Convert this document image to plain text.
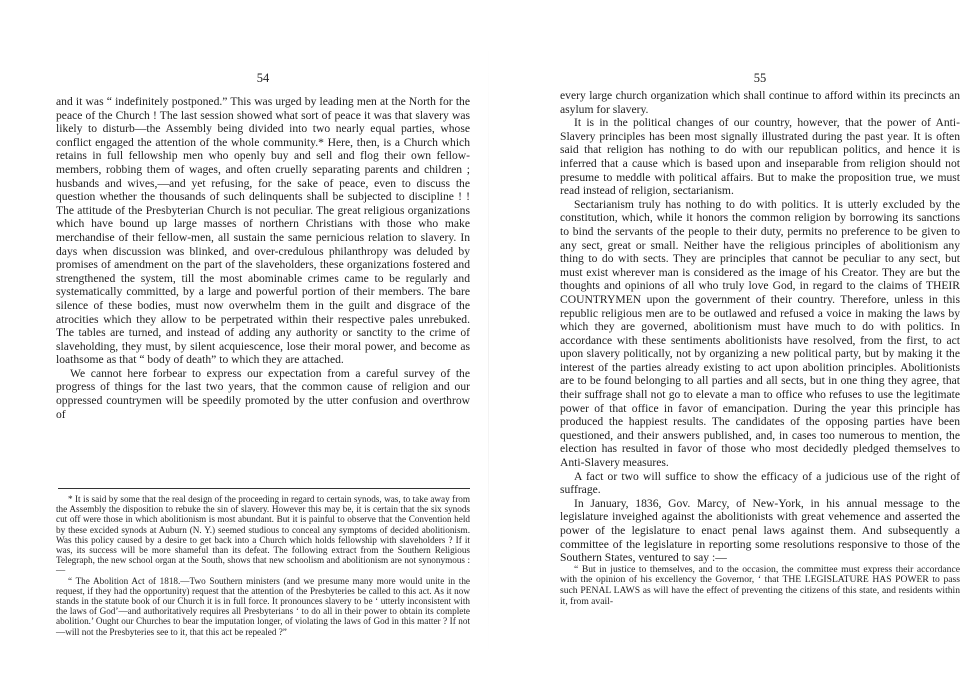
54

and it was “ indefinitely postponed.” This was urged by leading men at the North for the peace of the Church ! The last session showed what sort of peace it was that slavery was likely to disturb—the Assembly being divided into two nearly equal parties, whose conflict engaged the attention of the whole community.* Here, then, is a Church which retains in full fellowship men who openly buy and sell and flog their own fellow-members, robbing them of wages, and often cruelly separating parents and children ; husbands and wives,—and yet refusing, for the sake of peace, even to discuss the question whether the thousands of such delinquents shall be subjected to discipline ! ! The attitude of the Presbyterian Church is not peculiar. The great religious organizations which have bound up large masses of northern Christians with those who make merchandise of their fellow-men, all sustain the same pernicious relation to slavery. In days when discussion was blinked, and over-credulous philanthropy was deluded by promises of amendment on the part of the slaveholders, these organizations fostered and strengthened the system, till the most abominable crimes came to be regularly and systematically committed, by a large and powerful portion of their members. The bare silence of these bodies, must now overwhelm them in the guilt and disgrace of the atrocities which they allow to be perpetrated within their respective pales unrebuked. The tables are turned, and instead of adding any authority or sanctity to the crime of slaveholding, they must, by silent acquiescence, lose their moral power, and become as loathsome as that “ body of death” to which they are attached.

We cannot here forbear to express our expectation from a careful survey of the progress of things for the last two years, that the common cause of religion and our oppressed countrymen will be speedily promoted by the utter confusion and overthrow of

* It is said by some that the real design of the proceeding in regard to certain synods, was, to take away from the Assembly the disposition to rebuke the sin of slavery. However this may be, it is certain that the six synods cut off were those in which abolitionism is most abundant. But it is painful to observe that the Convention held by these excided synods at Auburn (N. Y.) seemed studious to conceal any symptoms of decided abolitionism. Was this policy caused by a desire to get back into a Church which holds fellowship with slaveholders ? If it was, its success will be more shameful than its defeat. The following extract from the Southern Religious Telegraph, the new school organ at the South, shows that new schoolism and abolitionism are not synonymous :—

“ The Abolition Act of 1818.—Two Southern ministers (and we presume many more would unite in the request, if they had the opportunity) request that the attention of the Presbyteries be called to this act. As it now stands in the statute book of our Church it is in full force. It pronounces slavery to be ‘ utterly inconsistent with the laws of God’—and authoritatively requires all Presbyterians ‘ to do all in their power to obtain its complete abolition.’ Ought our Churches to bear the imputation longer, of violating the laws of God in this matter ? If not—will not the Presbyteries see to it, that this act be repealed ?”

55

every large church organization which shall continue to afford within its precincts an asylum for slavery.

It is in the political changes of our country, however, that the power of Anti-Slavery principles has been most signally illustrated during the past year. It is often said that religion has nothing to do with our republican politics, and hence it is inferred that a cause which is based upon and inseparable from religion should not presume to meddle with political affairs. But to make the proposition true, we must read instead of religion, sectarianism.

Sectarianism truly has nothing to do with politics. It is utterly excluded by the constitution, which, while it honors the common religion by borrowing its sanctions to bind the servants of the people to their duty, permits no preference to be given to any sect, great or small. Neither have the religious principles of abolitionism any thing to do with sects. They are principles that cannot be peculiar to any sect, but must exist wherever man is considered as the image of his Creator. They are but the thoughts and opinions of all who truly love God, in regard to the claims of THEIR COUNTRYMEN upon the government of their country. Therefore, unless in this republic religious men are to be outlawed and refused a voice in making the laws by which they are governed, abolitionism must have much to do with politics. In accordance with these sentiments abolitionists have resolved, from the first, to act upon slavery politically, not by organizing a new political party, but by making it the interest of the parties already existing to act upon abolition principles. Abolitionists are to be found belonging to all parties and all sects, but in one thing they agree, that their suffrage shall not go to elevate a man to office who refuses to use the legitimate power of that office in favor of emancipation. During the year this principle has produced the happiest results. The candidates of the opposing parties have been questioned, and their answers published, and, in cases too numerous to mention, the election has resulted in favor of those who most decidedly pledged themselves to Anti-Slavery measures.

A fact or two will suffice to show the efficacy of a judicious use of the right of suffrage.

In January, 1836, Gov. Marcy, of New-York, in his annual message to the legislature inveighed against the abolitionists with great vehemence and asserted the power of the legislature to enact penal laws against them. And subsequently a committee of the legislature in reporting some resolutions responsive to those of the Southern States, ventured to say :—

“ But in justice to themselves, and to the occasion, the committee must express their accordance with the opinion of his excellency the Governor, ‘ that THE LEGISLATURE HAS POWER to pass such PENAL LAWS as will have the effect of preventing the citizens of this state, and residents within it, from avail-
